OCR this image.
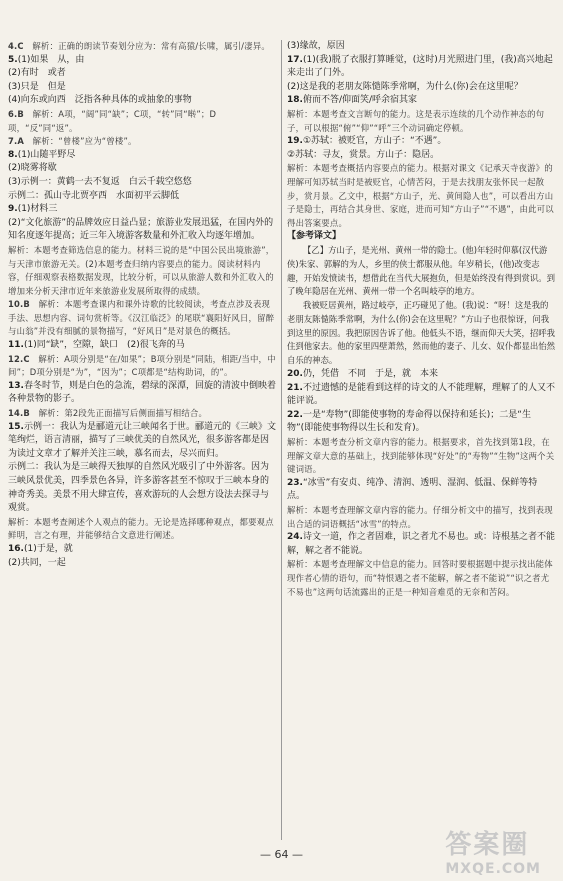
4.C　 解析：正确的朗读节奏划分应为：常有高猿/长啸，属引/凄异。
5.(1)如果　从，由
(2)有时　或者
(3)只是　但是
(4)向东或向西　泛指各种具体的或抽象的事物
6.B　 解析：A项，“阔”同“缺”；C项，“转”同“啭”；D项，“反”同“返”。
7.A　 解析：“曾楼”应为“曾楼”。
8.(1)山随平野尽
(2)晓雾将歇
(3)示例一：黄鹤一去不复返　白云千载空悠悠
示例二：孤山寺北贾亭西　水面初平云脚低
9.(1)材料三
(2)“文化旅游”的品牌效应日益凸显；旅游业发展迅猛，在国内外的知名度逐年提高；近三年入境游客数量和外汇收入均逐年增加。
解析：本题考查筛选信息的能力。材料三说的是“中国公民出境旅游”，与天津市旅游无关。(2)本题考查归纳内容要点的能力。阅读材料内容，仔细观察表格数据发现，比较分析，可以从旅游人数和外汇收入的增加来分析天津市近年来旅游业发展所取得的成绩。
10.B　 解析：本题考查课内和课外诗歌的比较阅读，考查点涉及表现手法、思想内容、词句赏析等。《汉江临泛》的尾联“襄阳好风日，留醉与山翁”并没有细腻的景物描写，“好风日”是对景色的概括。
11.(1)同“缺”，空隙，缺口　(2)很飞奔的马
12.C　 解析：A项分别是“在/如果”；B项分别是“同陆，相距/当中，中间”；D项分别是“为”，“因为”；C项都是“结构助词，的”。
13.春冬时节，则是白色的急流，碧绿的深潭，回旋的清波中倒映着各种景物的影子。
14.B　 解析：第2段先正面描写后侧面描写相结合。
15.示例一：我认为是郦道元让三峡闻名于世。郦道元的《三峡》文笔绚烂，语言清丽，描写了三峡优美的自然风光，很多游客都是因为读过文章才了解并关注三峡，慕名而去，尽兴而归。
示例二：我认为是三峡得天独厚的自然风光吸引了中外游客。因为三峡风景优美，四季景色各异，许多游客甚至不惊叹于三峡本身的神奇秀美。美景不用大肆宣传，喜欢游玩的人会想方设法去探寻与观赏。
解析：本题考查阐述个人观点的能力。无论是选择哪种观点，都要观点鲜明，言之有理，并能够结合文意进行阐述。
16.(1)于是，就
(2)共同，一起
(3)缘故，原因
17.(1)(我)脱了衣服打算睡觉，(这时)月光照进门里，(我)高兴地起来走出了门外。
(2)这是我的老朋友陈慥陈季常啊，为什么(你)会在这里呢？
18.俯而不答/仰面笑/呼余宿其家
解析：本题考查文言断句的能力。这是表示连续的几个动作神态的句子，可以根据“俯”“仰”“呼”三个动词确定停顿。
19.①苏轼：被贬官，方山子：“不遇”。
②苏轼：寻友，赏景。方山子：隐居。
解析：本题考查概括内容要点的能力。根据对课文《记承天寺夜游》的理解可知苏轼当时是被贬官，心情苦闷，于是去找朋友张怀民一起散步，赏月景。乙文中，根据“方山子，光、黄间隐人也”，可以看出方山子是隐士，再结合其身世、家庭，进而可知“方山子”“不遇”，由此可以得出答案要点。
【参考译文】
【乙】方山子，是光州、黄州一带的隐士。(他)年轻时仰慕(汉代游侠)朱家、郭解的为人，乡里的侠士都服从他。年岁稍长，(他)改变志趣，开始发愤读书，想借此在当代大展抱负，但是始终没有得到赏识。到了晚年隐居在光州、黄州一带一个名叫岐亭的地方。
我被贬居黄州，路过岐亭，正巧碰见了他。(我)说：“呀！这是我的老朋友陈慥陈季常啊，为什么(你)会在这里呢？”方山子也很惊讶，问我到这里的原因。我把原因告诉了他。他低头不语，继而仰天大笑，招呼我住到他家去。他的家里四壁萧然，然而他的妻子、儿女、奴仆都显出怡然自乐的神态。
20.仍，凭借　不同　于是，就　本来
21.不过遗憾的是能看到这样的诗文的人不能理解，理解了的人又不能评说。
22.一是“寿物”(即能使事物的寿命得以保持和延长)；二是“生物”(即能使事物得以生长和发育)。
解析：本题考查分析文章内容的能力。根据要求，首先找到第1段，在理解文章大意的基础上，找到能够体现“好处”的“寿物”“生物”这两个关键词语。
23.“冰雪”有安贞、纯净、清润、透明、湿润、低温、保鲜等特点。
解析：本题考查理解文章内容的能力。仔细分析文中的描写，找到表现出合适的词语概括“冰雪”的特点。
24.诗文一道，作之者固难，识之者尤不易也。或：诗根基之者不能解，解之者不能说。
解析：本题考查理解文中信息的能力。回答时要根据题中提示找出能体现作者心情的语句，而“特恨遇之者不能解，解之者不能说”“识之者尤不易也”这两句话流露出的正是一种知音难觅的无奈和苦闷。
— 64 —	答案圈
MXQE.COM
